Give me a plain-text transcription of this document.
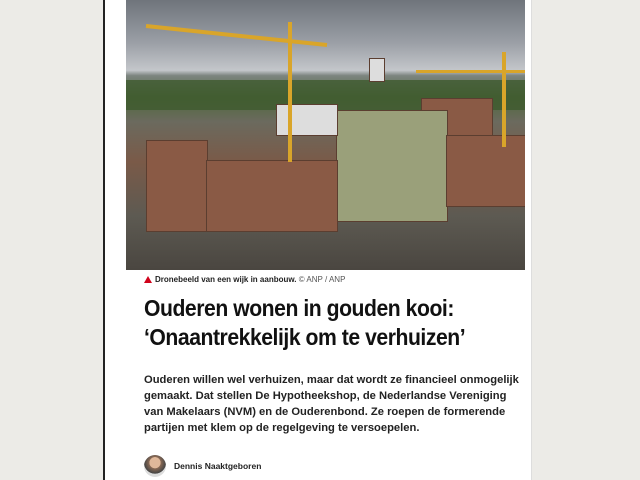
Dronebeeld van een wijk in aanbouw. © ANP / ANP
Ouderen wonen in gouden kooi: ‘Onaantrekkelijk om te verhuizen’
Ouderen willen wel verhuizen, maar dat wordt ze financieel onmogelijk gemaakt. Dat stellen De Hypotheekshop, de Nederlandse Vereniging van Makelaars (NVM) en de Ouderenbond. Ze roepen de formerende partijen met klem op de regelgeving te versoepelen.
Dennis Naaktgeboren
